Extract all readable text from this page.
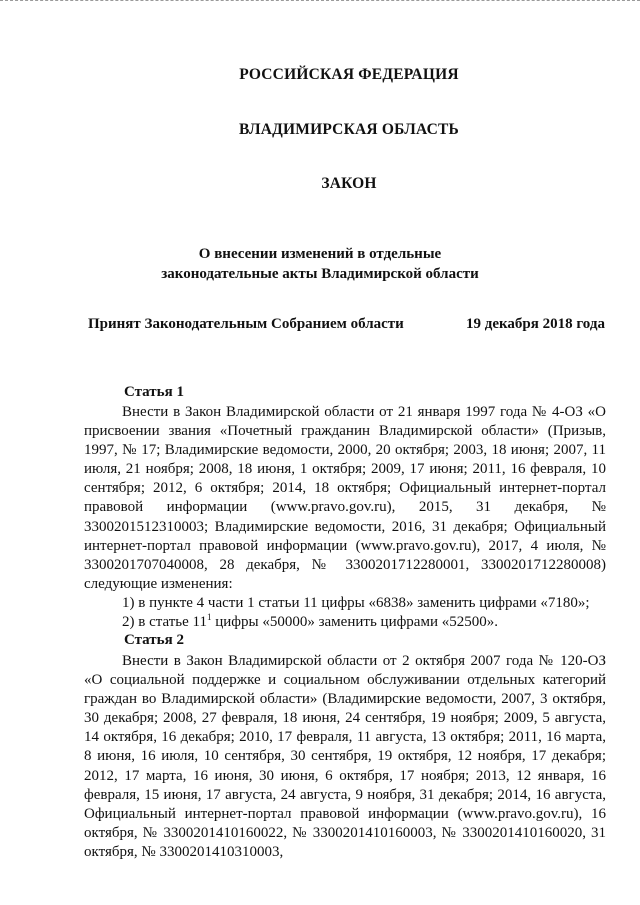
РОССИЙСКАЯ ФЕДЕРАЦИЯ
ВЛАДИМИРСКАЯ ОБЛАСТЬ
ЗАКОН
О внесении изменений в отдельные
законодательные акты Владимирской области
Принят Законодательным Собранием области	19 декабря 2018 года
Статья 1

Внести в Закон Владимирской области от 21 января 1997 года № 4-ОЗ «О присвоении звания «Почетный гражданин Владимирской области» (Призыв, 1997, № 17; Владимирские ведомости, 2000, 20 октября; 2003, 18 июня; 2007, 11 июля, 21 ноября; 2008, 18 июня, 1 октября; 2009, 17 июня; 2011, 16 февраля, 10 сентября; 2012, 6 октября; 2014, 18 октября; Официальный интернет-портал правовой информации (www.pravo.gov.ru), 2015, 31 декабря, № 3300201512310003; Владимирские ведомости, 2016, 31 декабря; Официальный интернет-портал правовой информации (www.pravo.gov.ru), 2017, 4 июля, № 3300201707040008, 28 декабря, № 3300201712280001, 3300201712280008) следующие изменения:

1) в пункте 4 части 1 статьи 11 цифры «6838» заменить цифрами «7180»;

2) в статье $11^1$ цифры «50000» заменить цифрами «52500».

Статья 2

Внести в Закон Владимирской области от 2 октября 2007 года № 120-ОЗ «О социальной поддержке и социальном обслуживании отдельных категорий граждан во Владимирской области» (Владимирские ведомости, 2007, 3 октября, 30 декабря; 2008, 27 февраля, 18 июня, 24 сентября, 19 ноября; 2009, 5 августа, 14 октября, 16 декабря; 2010, 17 февраля, 11 августа, 13 октября; 2011, 16 марта, 8 июня, 16 июля, 10 сентября, 30 сентября, 19 октября, 12 ноября, 17 декабря; 2012, 17 марта, 16 июня, 30 июня, 6 октября, 17 ноября; 2013, 12 января, 16 февраля, 15 июня, 17 августа, 24 августа, 9 ноября, 31 декабря; 2014, 16 августа, Официальный интернет-портал правовой информации (www.pravo.gov.ru), 16 октября, № 3300201410160022, № 3300201410160003, № 3300201410160020, 31 октября, № 3300201410310003,
